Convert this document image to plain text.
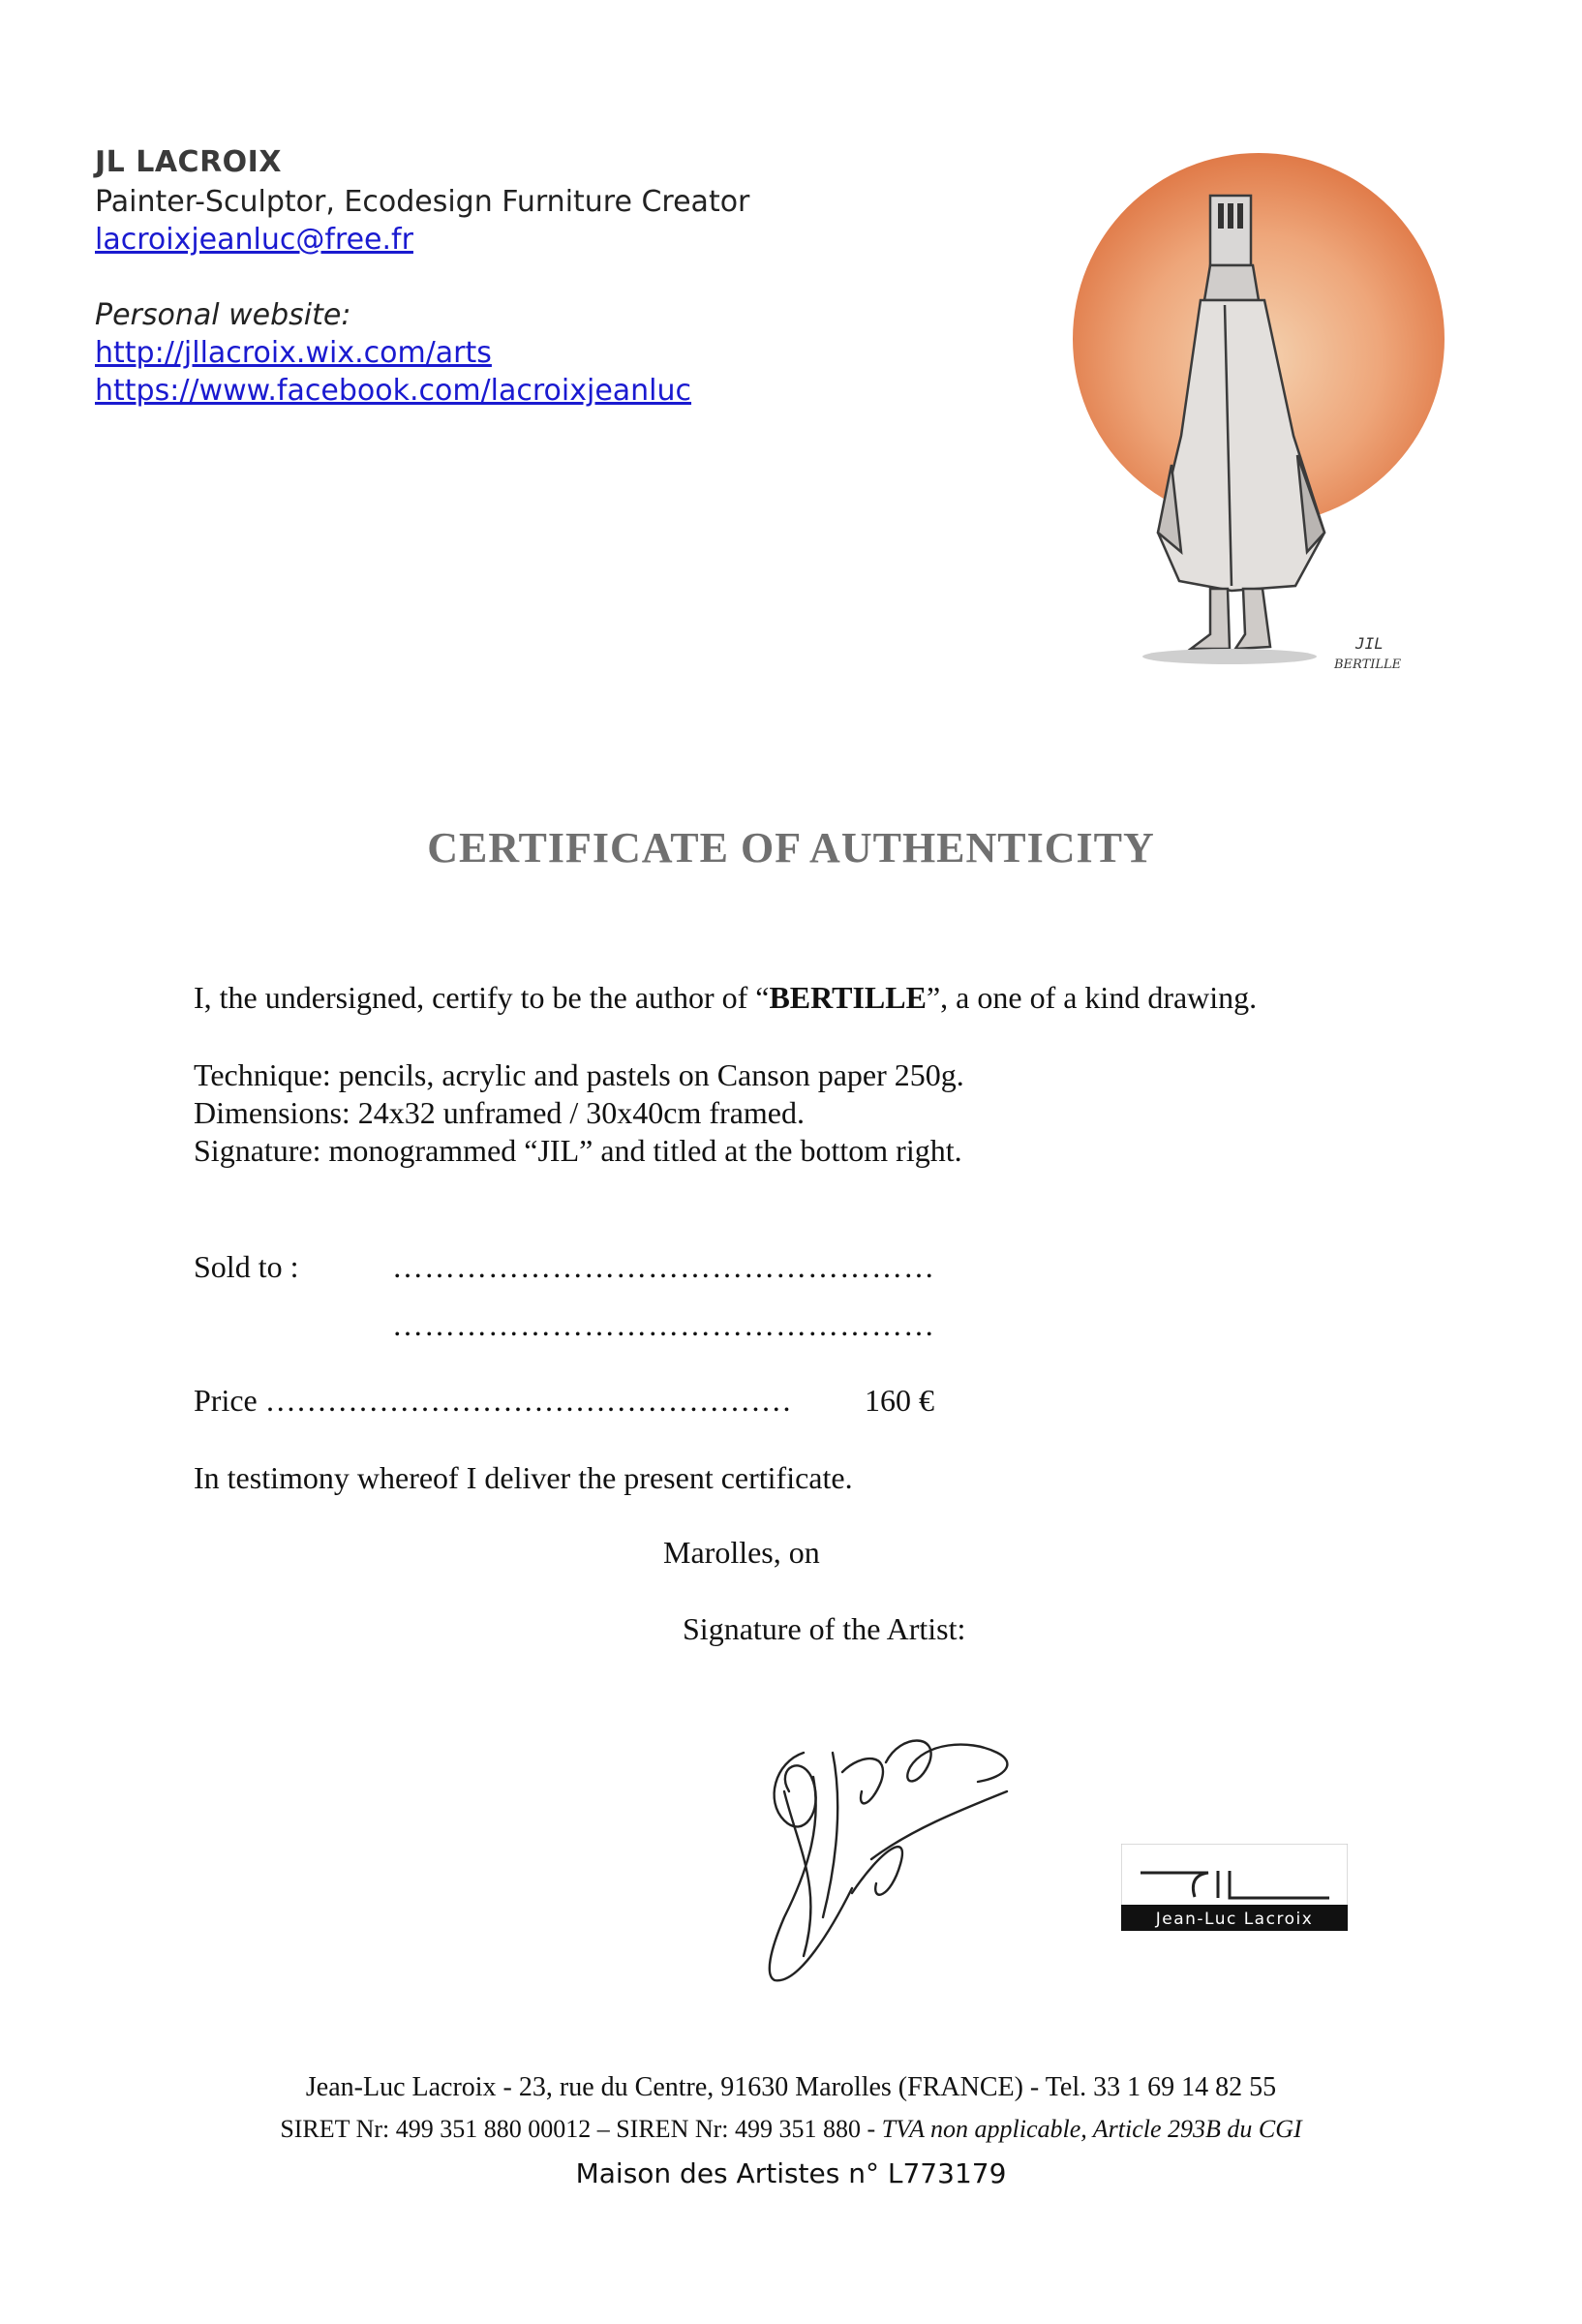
JL LACROIX
Painter-Sculptor, Ecodesign Furniture Creator
lacroixjeanluc@free.fr
Personal website:
http://jllacroix.wix.com/arts
https://www.facebook.com/lacroixjeanluc
JIL
BERTILLE
CERTIFICATE OF AUTHENTICITY
I, the undersigned, certify to be the author of “BERTILLE”, a one of a kind drawing.
Technique: pencils, acrylic and pastels on Canson paper 250g.
Dimensions: 24x32 unframed / 30x40cm framed.
Signature: monogrammed “JIL” and titled at the bottom right.
Sold to :	……………………………………………
……………………………………………
Price …………………………………………… 160 €
In testimony whereof I deliver the present certificate.
Marolles, on
Signature of the Artist:
JIL
Jean-Luc Lacroix
Jean-Luc Lacroix - 23, rue du Centre, 91630 Marolles (FRANCE) - Tel. 33 1 69 14 82 55
SIRET Nr: 499 351 880 00012 – SIREN Nr: 499 351 880 - TVA non applicable, Article 293B du CGI
Maison des Artistes n° L773179
